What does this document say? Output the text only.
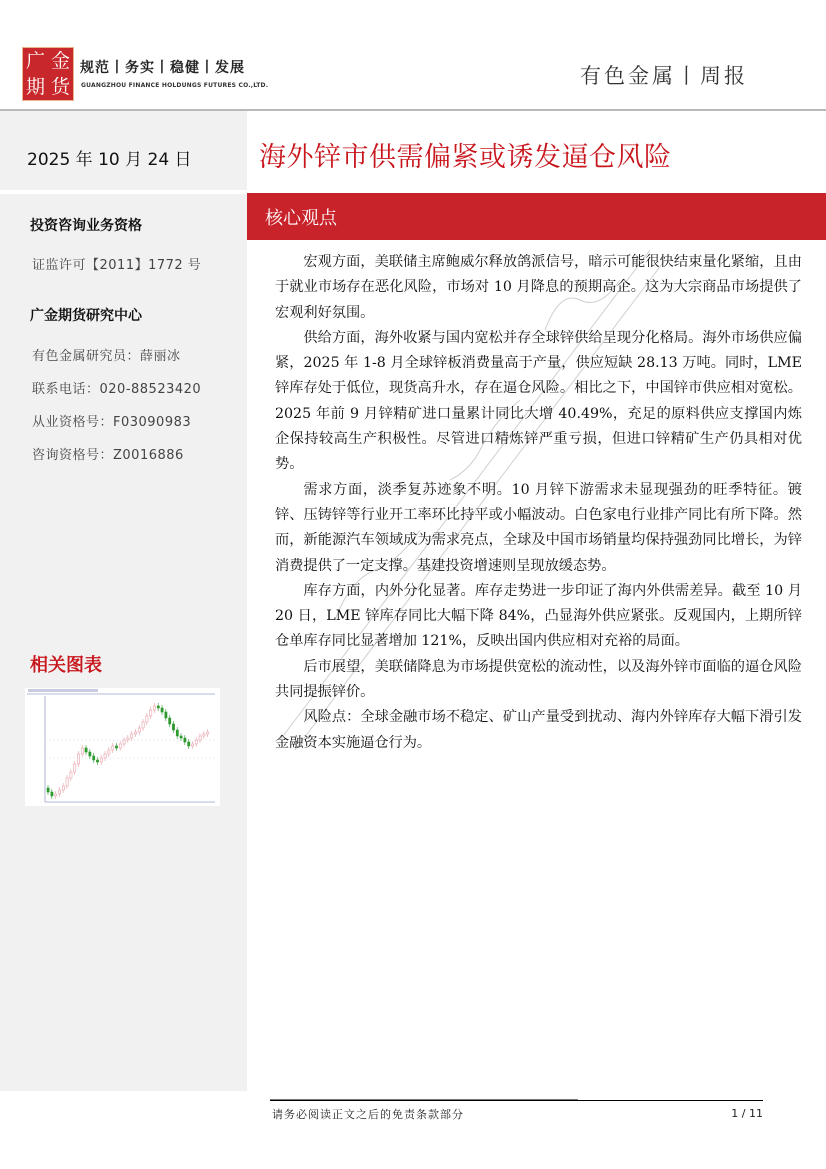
广 金
期 货
规范丨务实丨稳健丨发展
GUANGZHOU FINANCE HOLDUNGS FUTURES CO.,LTD.	有色金属丨周报
2025 年 10 月 24 日
投资咨询业务资格
证监许可【2011】1772 号
广金期货研究中心
有色金属研究员：薛丽冰
联系电话：020-88523420
从业资格号：F03090983
咨询资格号：Z0016886
相关图表
海外锌市供需偏紧或诱发逼仓风险
核心观点

宏观方面，美联储主席鲍威尔释放鸽派信号，暗示可能很快结束量化紧缩，且由于就业市场存在恶化风险，市场对 10 月降息的预期高企。这为大宗商品市场提供了宏观利好氛围。

供给方面，海外收紧与国内宽松并存全球锌供给呈现分化格局。海外市场供应偏紧，2025 年 1-8 月全球锌板消费量高于产量，供应短缺 28.13 万吨。同时，LME 锌库存处于低位，现货高升水，存在逼仓风险。相比之下，中国锌市供应相对宽松。2025 年前 9 月锌精矿进口量累计同比大增 40.49%，充足的原料供应支撑国内炼企保持较高生产积极性。尽管进口精炼锌严重亏损，但进口锌精矿生产仍具相对优势。

需求方面，淡季复苏迹象不明。10 月锌下游需求未显现强劲的旺季特征。镀锌、压铸锌等行业开工率环比持平或小幅波动。白色家电行业排产同比有所下降。然而，新能源汽车领域成为需求亮点，全球及中国市场销量均保持强劲同比增长，为锌消费提供了一定支撑。基建投资增速则呈现放缓态势。

库存方面，内外分化显著。库存走势进一步印证了海内外供需差异。截至 10 月 20 日，LME 锌库存同比大幅下降 84%，凸显海外供应紧张。反观国内，上期所锌仓单库存同比显著增加 121%，反映出国内供应相对充裕的局面。

后市展望，美联储降息为市场提供宽松的流动性，以及海外锌市面临的逼仓风险共同提振锌价。

风险点：全球金融市场不稳定、矿山产量受到扰动、海内外锌库存大幅下滑引发金融资本实施逼仓行为。

请务必阅读正文之后的免责条款部分	1 / 11
